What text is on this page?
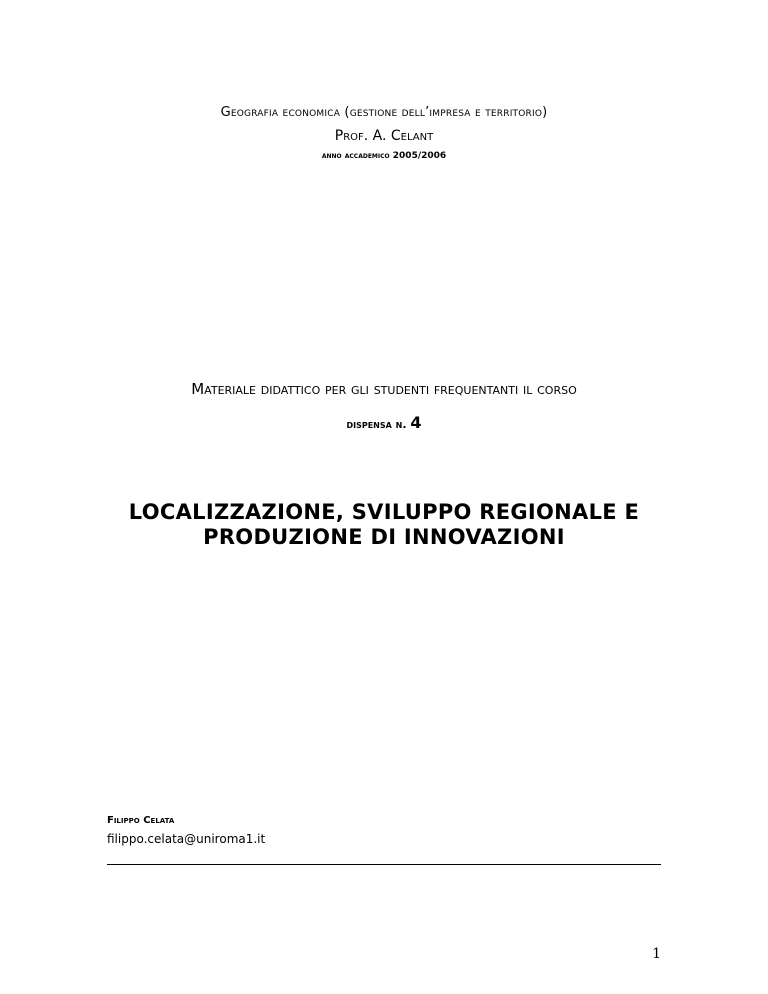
Geografia economica (gestione dell’impresa e territorio)
Prof. A. Celant
anno accademico 2005/2006
Materiale didattico per gli studenti frequentanti il corso
dispensa n. 4
LOCALIZZAZIONE, SVILUPPO REGIONALE E
PRODUZIONE DI INNOVAZIONI
Filippo Celata
filippo.celata@uniroma1.it
1
